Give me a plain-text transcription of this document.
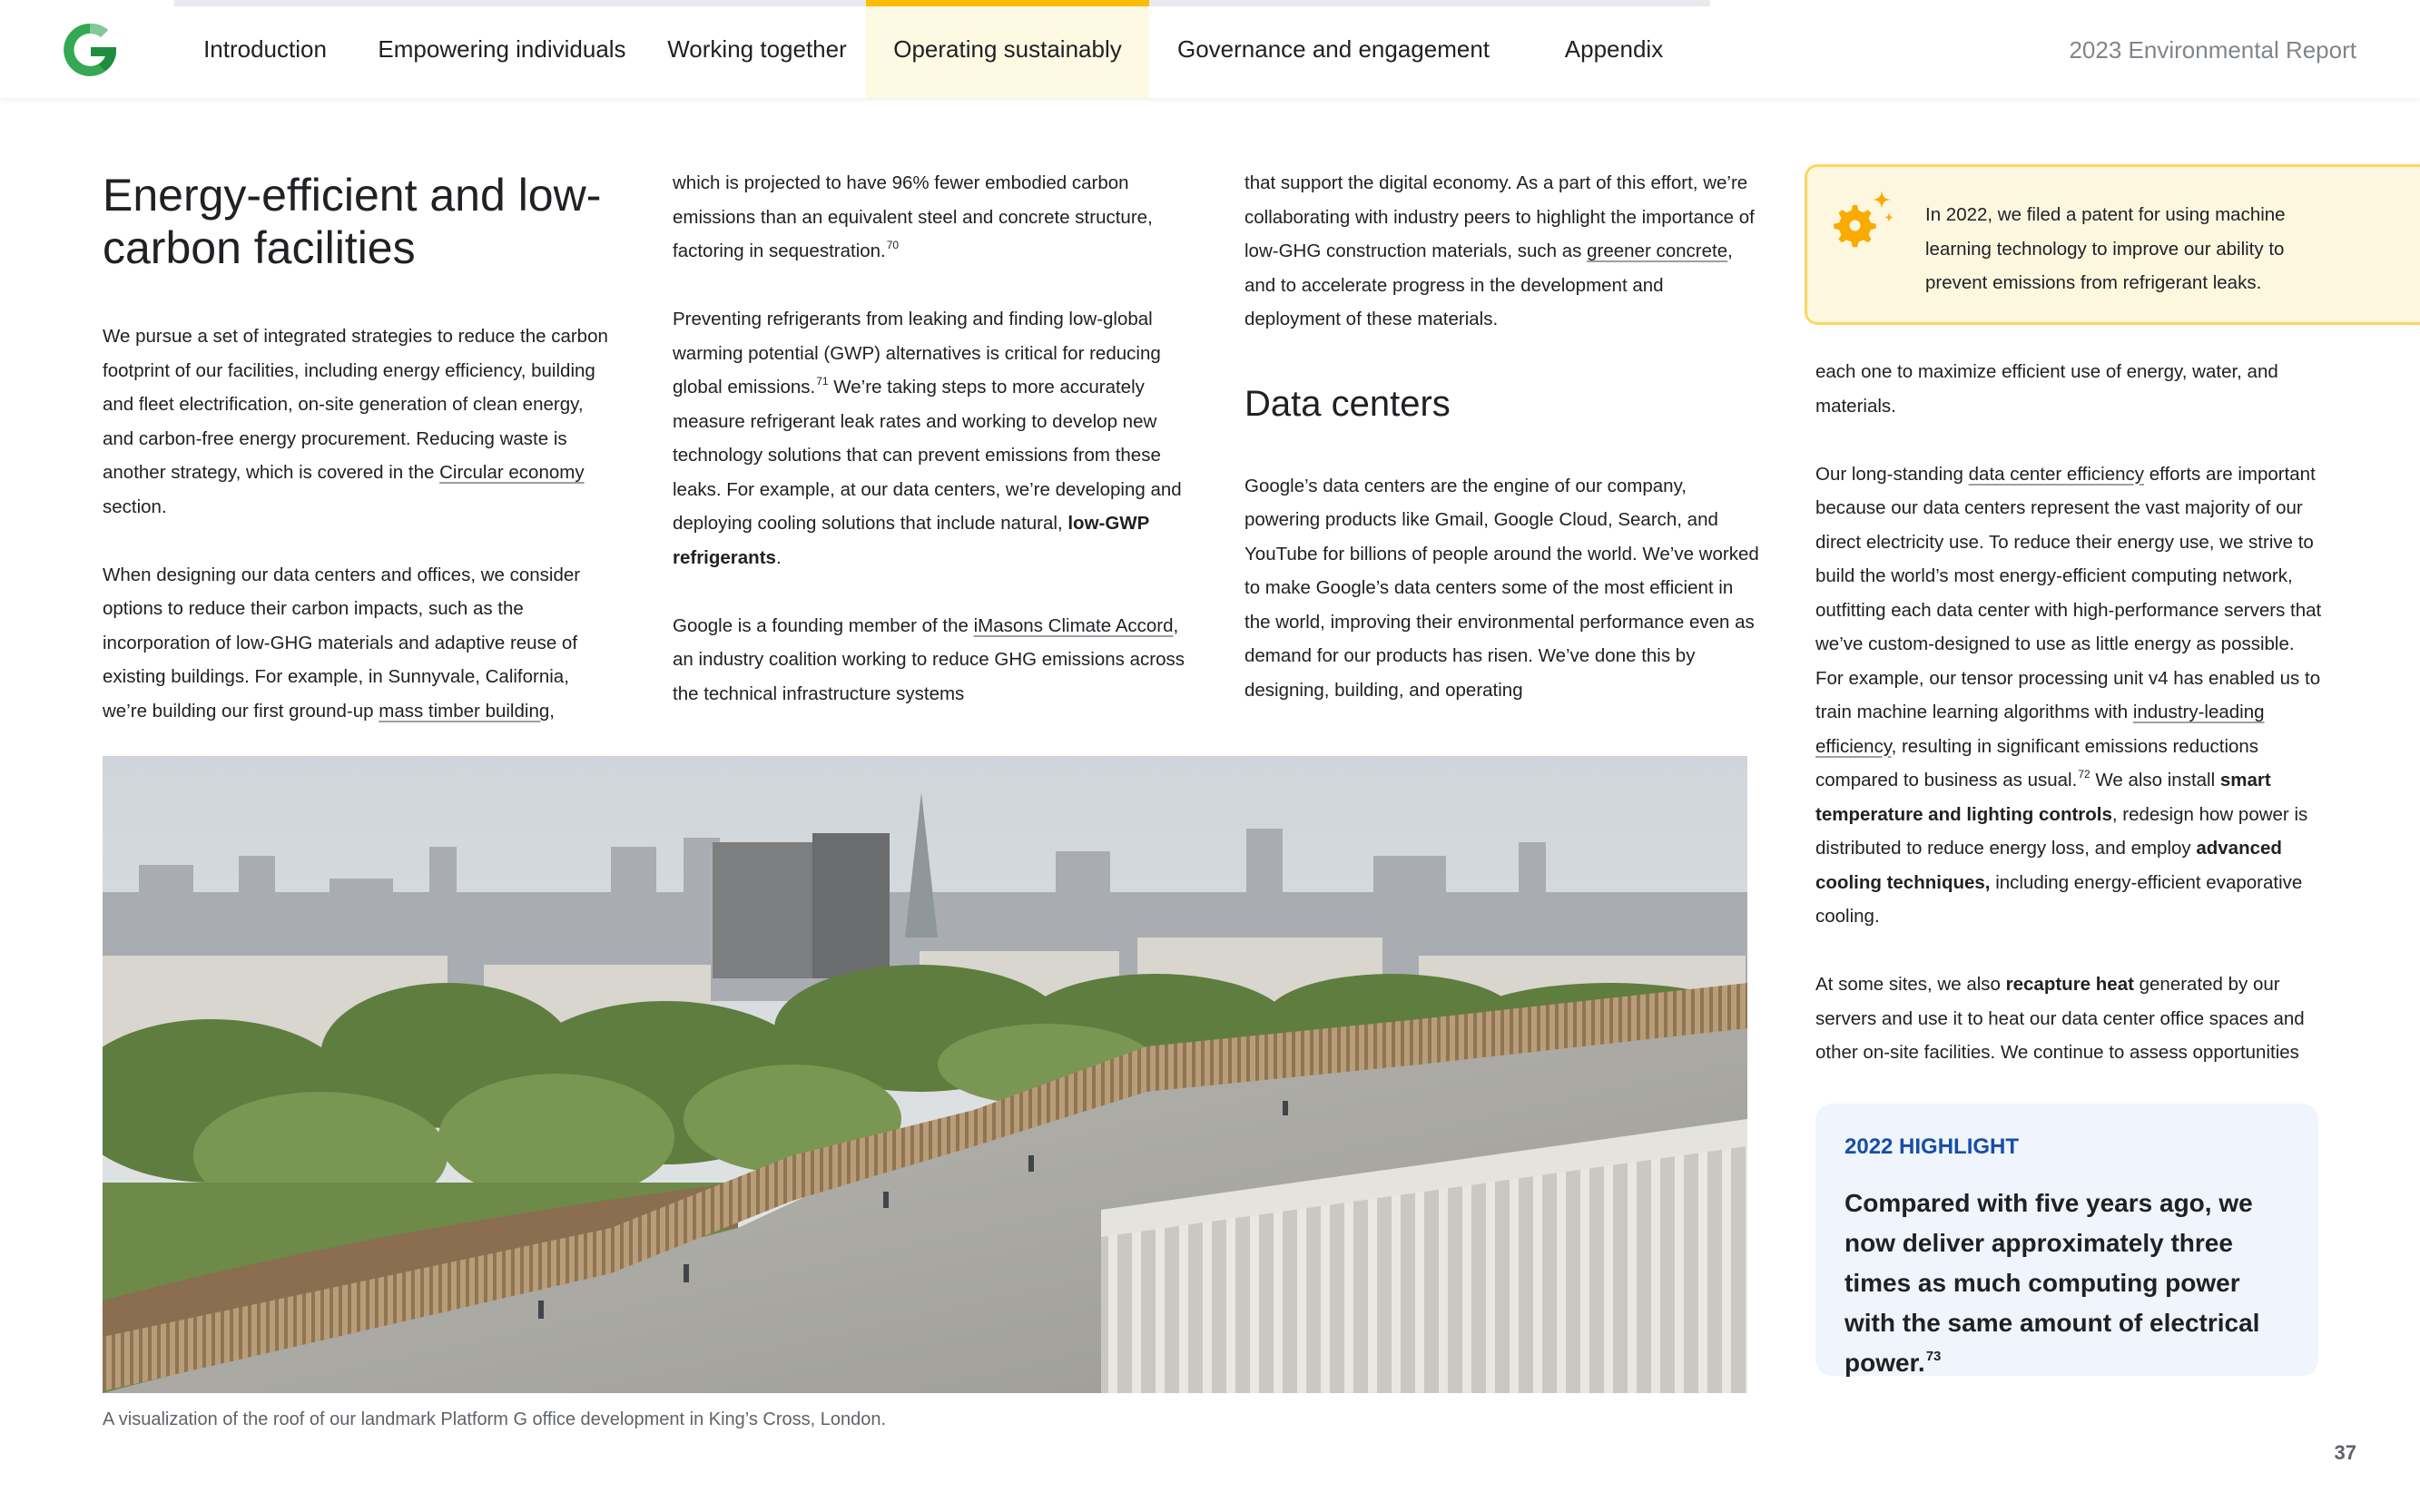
Introduction	Empowering individuals	Working together	Operating sustainably	Governance and engagement	Appendix	2023 Environmental Report
Energy-efficient and low-carbon facilities

We pursue a set of integrated strategies to reduce the carbon footprint of our facilities, including energy efficiency, building and fleet electrification, on-site generation of clean energy, and carbon-free energy procurement. Reducing waste is another strategy, which is covered in the Circular economy section.

When designing our data centers and offices, we consider options to reduce their carbon impacts, such as the incorporation of low-GHG materials and adaptive reuse of existing buildings. For example, in Sunnyvale, California, we’re building our first ground-up mass timber building,

which is projected to have 96% fewer embodied carbon emissions than an equivalent steel and concrete structure, factoring in sequestration.$^{70}$

Preventing refrigerants from leaking and finding low-global warming potential (GWP) alternatives is critical for reducing global emissions.$^{71}$ We’re taking steps to more accurately measure refrigerant leak rates and working to develop new technology solutions that can prevent emissions from these leaks. For example, at our data centers, we’re developing and deploying cooling solutions that include natural, low-GWP refrigerants.

Google is a founding member of the iMasons Climate Accord, an industry coalition working to reduce GHG emissions across the technical infrastructure systems

that support the digital economy. As a part of this effort, we’re collaborating with industry peers to highlight the importance of low-GHG construction materials, such as greener concrete, and to accelerate progress in the development and deployment of these materials.

Data centers

Google’s data centers are the engine of our company, powering products like Gmail, Google Cloud, Search, and YouTube for billions of people around the world. We’ve worked to make Google’s data centers some of the most efficient in the world, improving their environmental performance even as demand for our products has risen. We’ve done this by designing, building, and operating

In 2022, we filed a patent for using machine learning technology to improve our ability to prevent emissions from refrigerant leaks.

each one to maximize efficient use of energy, water, and materials.

Our long-standing data center efficiency efforts are important because our data centers represent the vast majority of our direct electricity use. To reduce their energy use, we strive to build the world’s most energy-efficient computing network, outfitting each data center with high-performance servers that we’ve custom-designed to use as little energy as possible. For example, our tensor processing unit v4 has enabled us to train machine learning algorithms with industry-leading efficiency, resulting in significant emissions reductions compared to business as usual.$^{72}$ We also install smart temperature and lighting controls, redesign how power is distributed to reduce energy loss, and employ advanced cooling techniques, including energy-efficient evaporative cooling.

At some sites, we also recapture heat generated by our servers and use it to heat our data center office spaces and other on-site facilities. We continue to assess opportunities

A visualization of the roof of our landmark Platform G office development in King’s Cross, London.
2022 HIGHLIGHT
Compared with five years ago, we now deliver approximately three times as much computing power with the same amount of electrical power.$^{73}$
37
